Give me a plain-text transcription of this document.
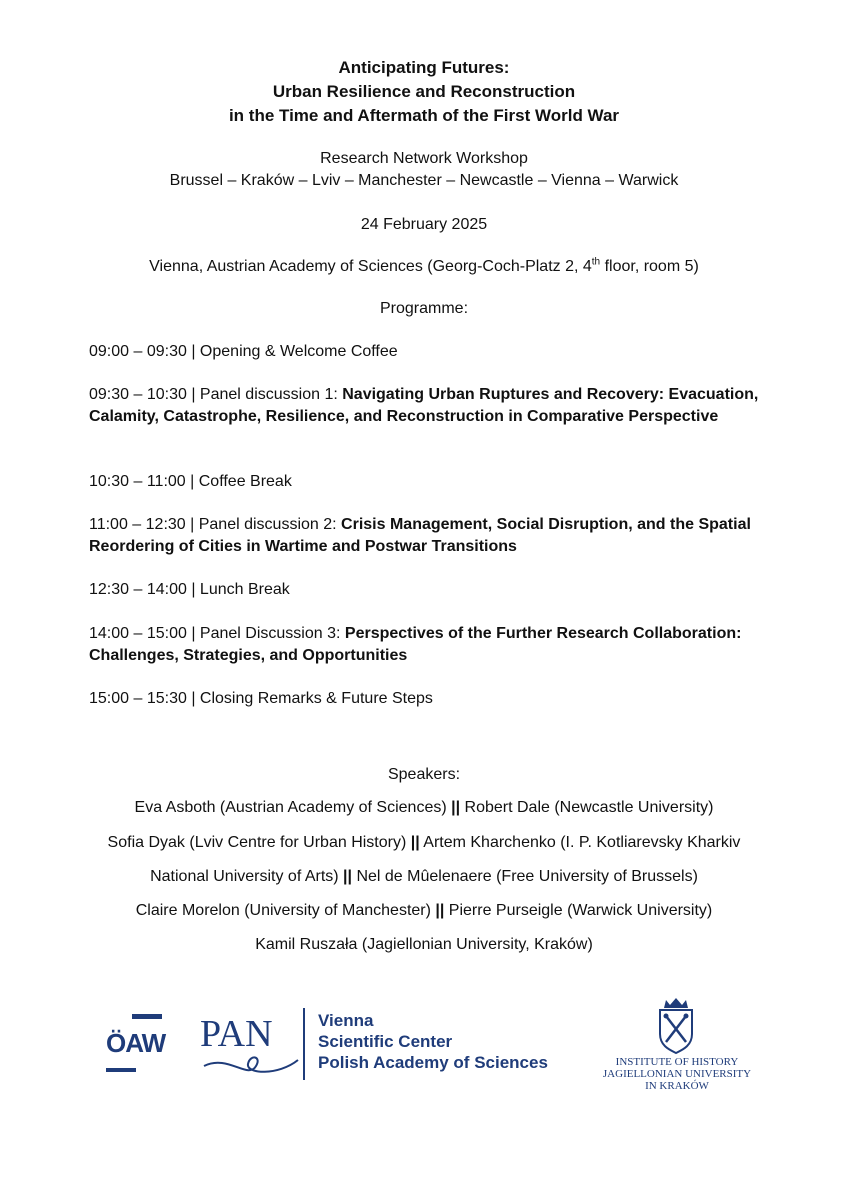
Anticipating Futures:
Urban Resilience and Reconstruction
in the Time and Aftermath of the First World War
Research Network Workshop
Brussel – Kraków – Lviv – Manchester – Newcastle – Vienna – Warwick
24 February 2025
Vienna, Austrian Academy of Sciences (Georg-Coch-Platz 2, 4th floor, room 5)
Programme:
09:00 – 09:30 | Opening & Welcome Coffee
09:30 – 10:30 | Panel discussion 1: Navigating Urban Ruptures and Recovery: Evacuation, Calamity, Catastrophe, Resilience, and Reconstruction in Comparative Perspective
10:30 – 11:00 | Coffee Break
11:00 – 12:30 | Panel discussion 2: Crisis Management, Social Disruption, and the Spatial Reordering of Cities in Wartime and Postwar Transitions
12:30 – 14:00 | Lunch Break
14:00 – 15:00 | Panel Discussion 3: Perspectives of the Further Research Collaboration: Challenges, Strategies, and Opportunities
15:00 – 15:30 | Closing Remarks & Future Steps
Speakers:
Eva Asboth (Austrian Academy of Sciences) || Robert Dale (Newcastle University)
Sofia Dyak (Lviv Centre for Urban History) || Artem Kharchenko (I. P. Kotliarevsky Kharkiv
National University of Arts) || Nel de Mûelenaere (Free University of Brussels)
Claire Morelon (University of Manchester) || Pierre Purseigle (Warwick University)
Kamil Ruszała (Jagiellonian University, Kraków)
ÖAW PAN	Vienna
Scientific Center
Polish Academy of Sciences	INSTITUTE OF HISTORY
JAGIELLONIAN UNIVERSITY
IN KRAKÓW
